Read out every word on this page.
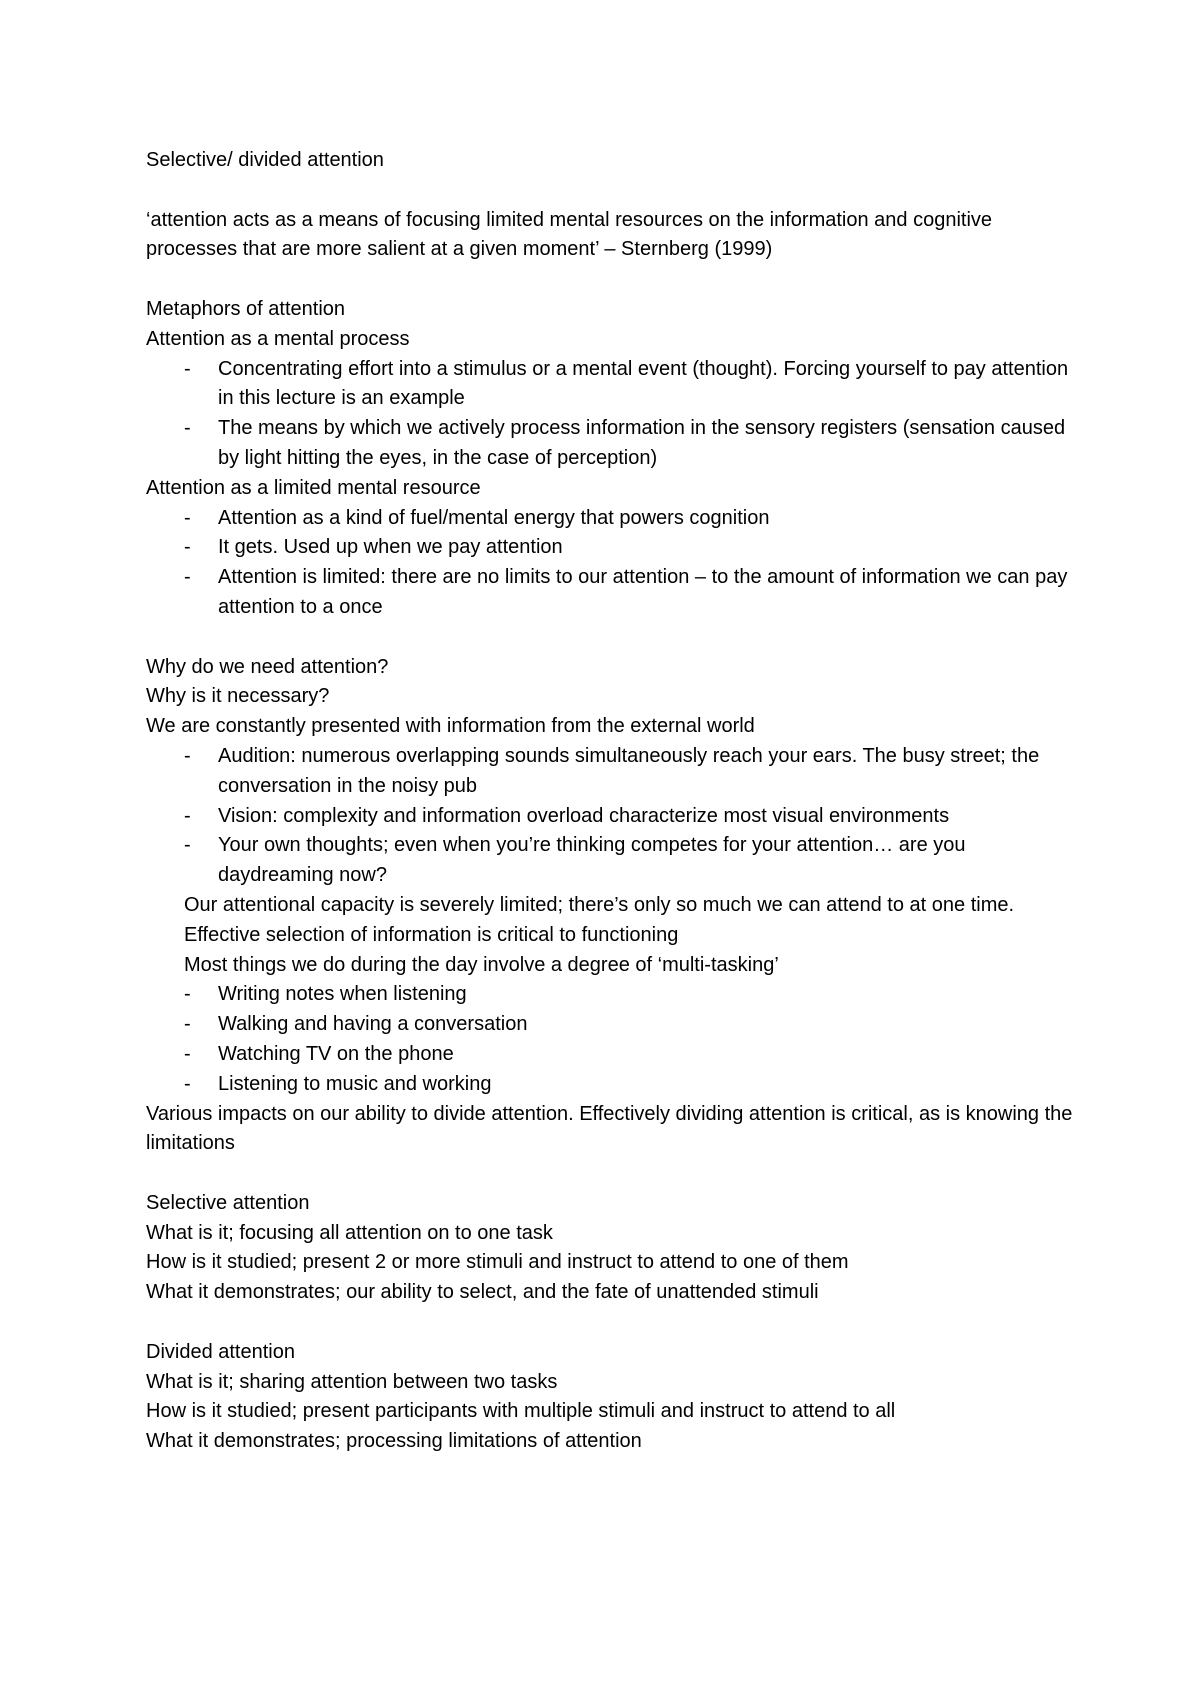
Selective/ divided attention

‘attention acts as a means of focusing limited mental resources on the information and cognitive processes that are more salient at a given moment’ – Sternberg (1999)

Metaphors of attention

Attention as a mental process

- Concentrating effort into a stimulus or a mental event (thought). Forcing yourself to pay attention in this lecture is an example
- The means by which we actively process information in the sensory registers (sensation caused by light hitting the eyes, in the case of perception)

Attention as a limited mental resource

- Attention as a kind of fuel/mental energy that powers cognition
- It gets. Used up when we pay attention
- Attention is limited: there are no limits to our attention – to the amount of information we can pay attention to a once

Why do we need attention?

Why is it necessary?

We are constantly presented with information from the external world

- Audition: numerous overlapping sounds simultaneously reach your ears. The busy street; the conversation in the noisy pub
- Vision: complexity and information overload characterize most visual environments
- Your own thoughts; even when you’re thinking competes for your attention… are you daydreaming now?

Our attentional capacity is severely limited; there’s only so much we can attend to at one time. Effective selection of information is critical to functioning

Most things we do during the day involve a degree of ‘multi-tasking’

- Writing notes when listening
- Walking and having a conversation
- Watching TV on the phone
- Listening to music and working

Various impacts on our ability to divide attention. Effectively dividing attention is critical, as is knowing the limitations

Selective attention

What is it; focusing all attention on to one task

How is it studied; present 2 or more stimuli and instruct to attend to one of them

What it demonstrates; our ability to select, and the fate of unattended stimuli

Divided attention

What is it; sharing attention between two tasks

How is it studied; present participants with multiple stimuli and instruct to attend to all

What it demonstrates; processing limitations of attention
